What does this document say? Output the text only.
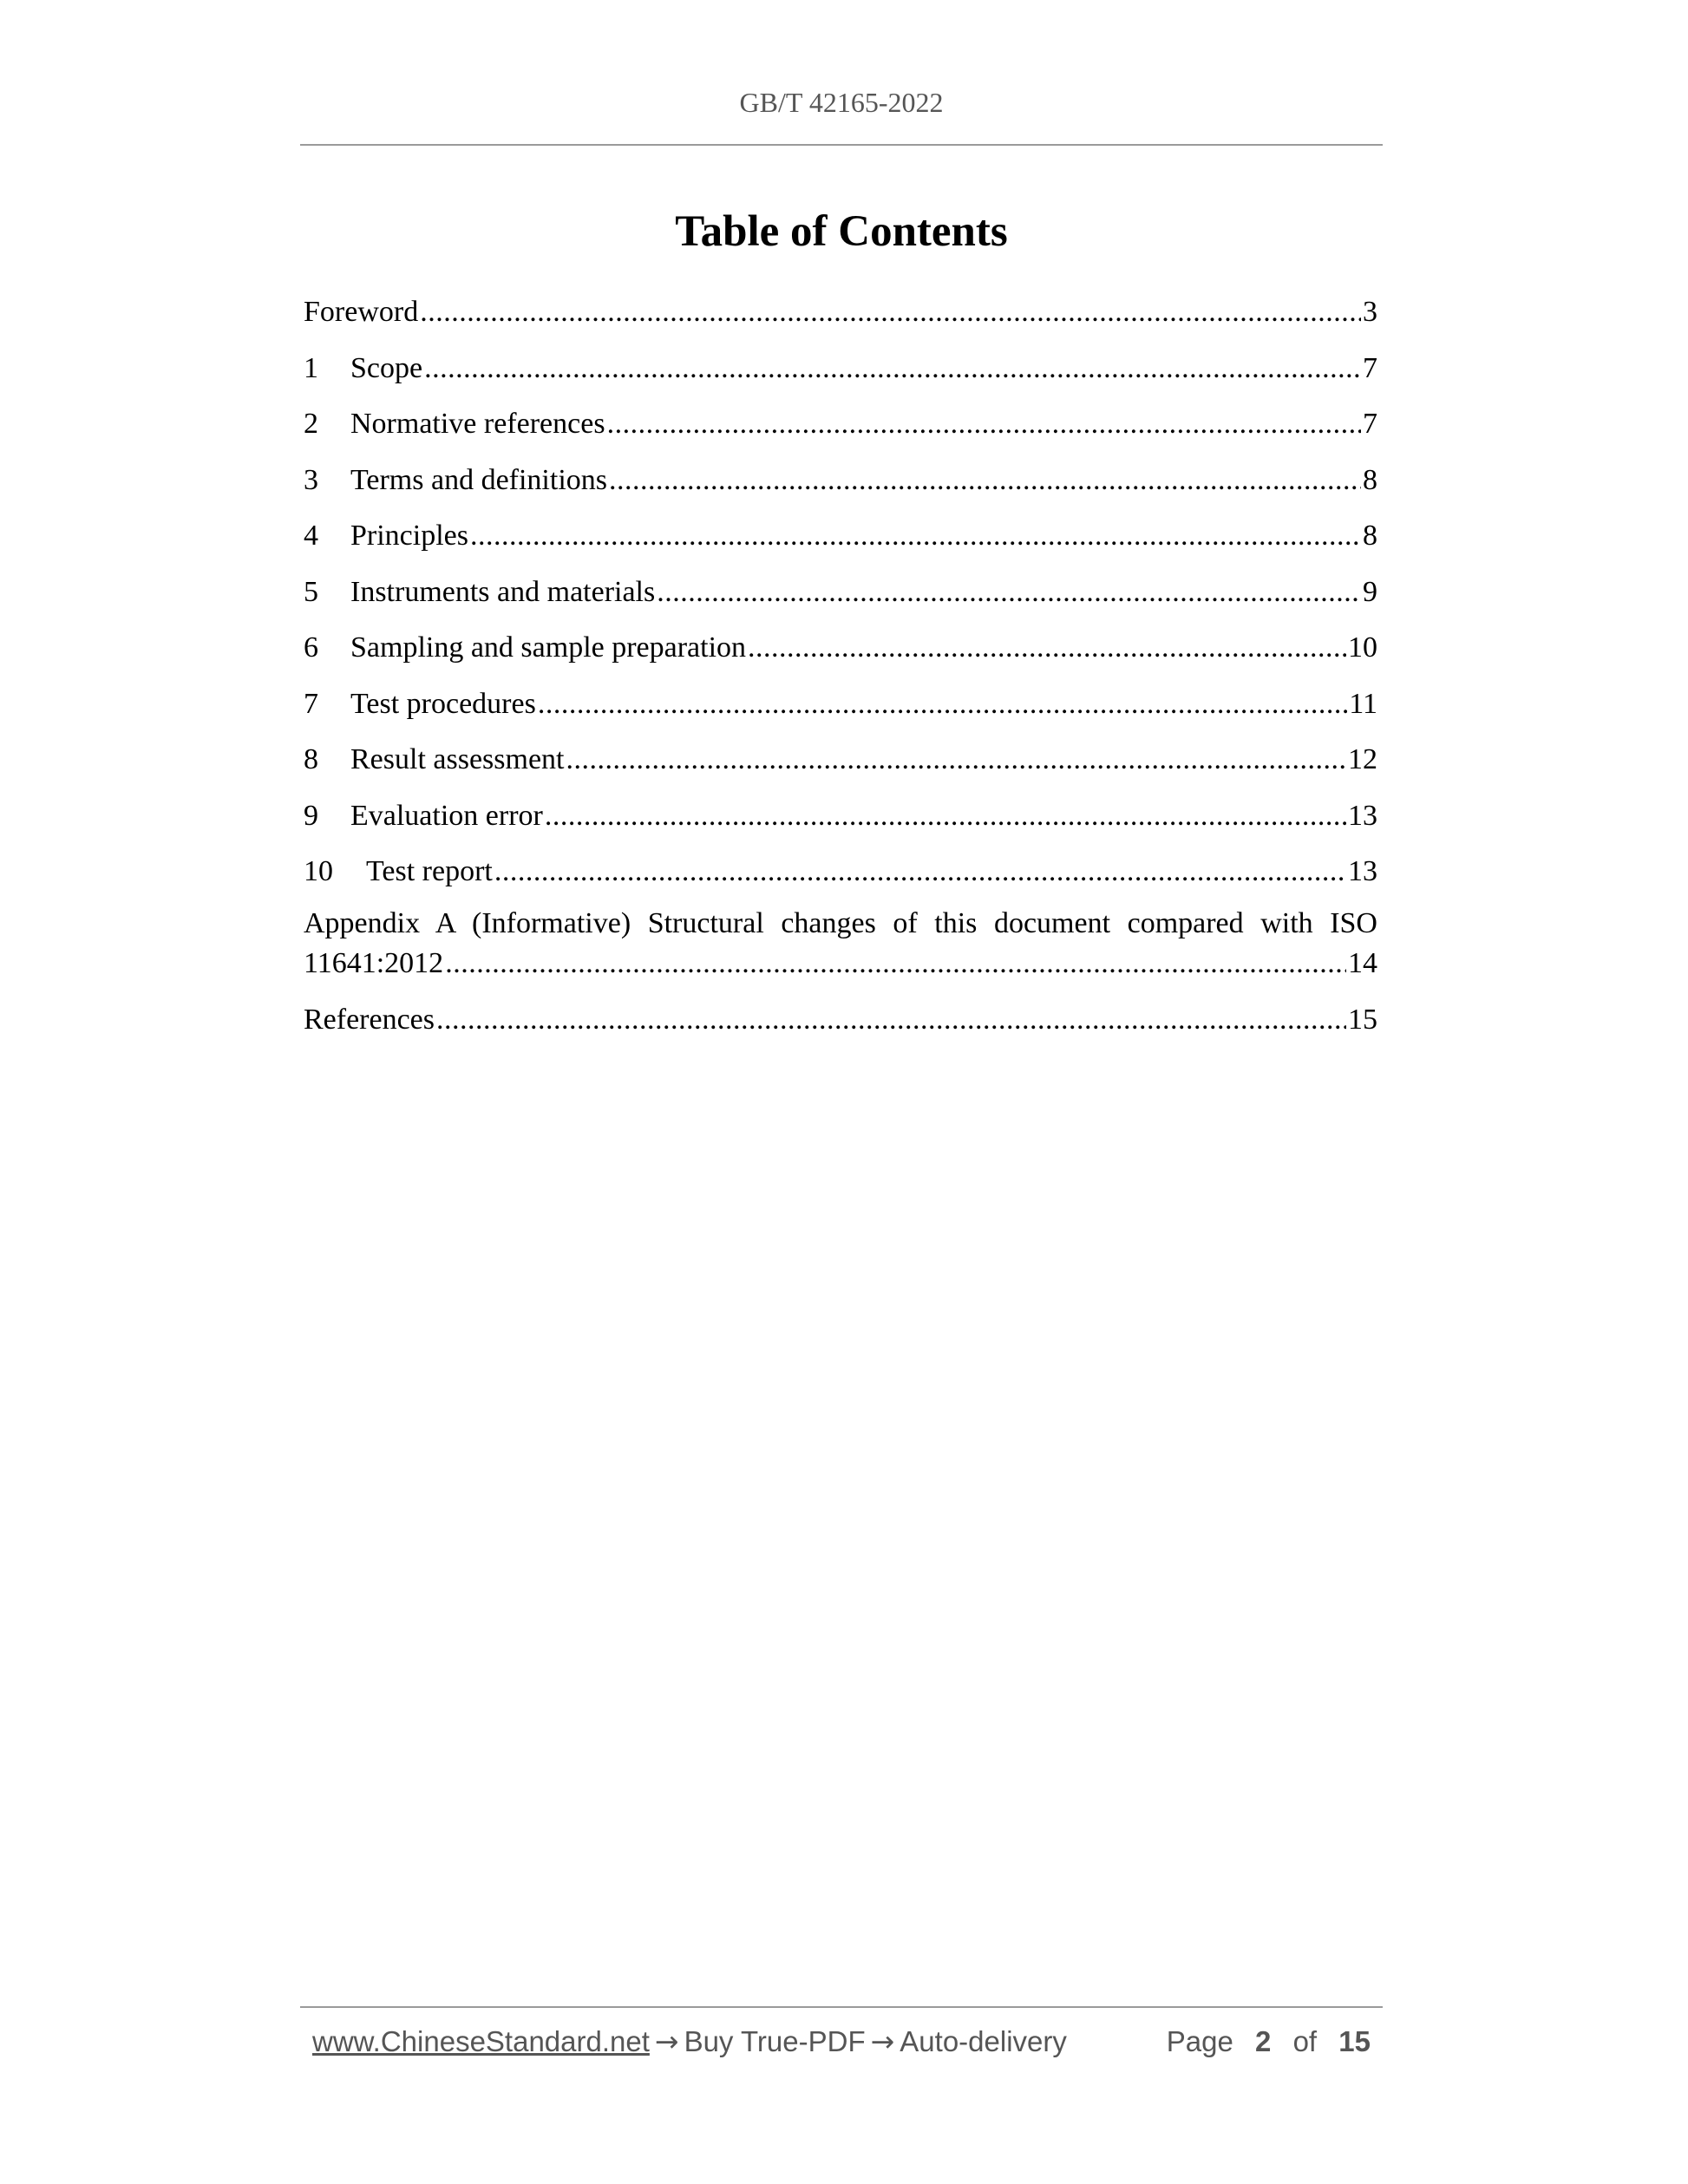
GB/T 42165-2022
Table of Contents
Foreword .....	3
1	Scope .....	7
2	Normative references .....	7
3	Terms and definitions .....	8
4	Principles .....	8
5	Instruments and materials .....	9
6	Sampling and sample preparation .....	10
7	Test procedures .....	11
8	Result assessment .....	12
9	Evaluation error .....	13
10	Test report .....	13
Appendix A (Informative) Structural changes of this document compared with ISO
11641:2012 .....	14
References .....	15
www.ChineseStandard.net → Buy True-PDF → Auto-delivery	Page 2 of 15
